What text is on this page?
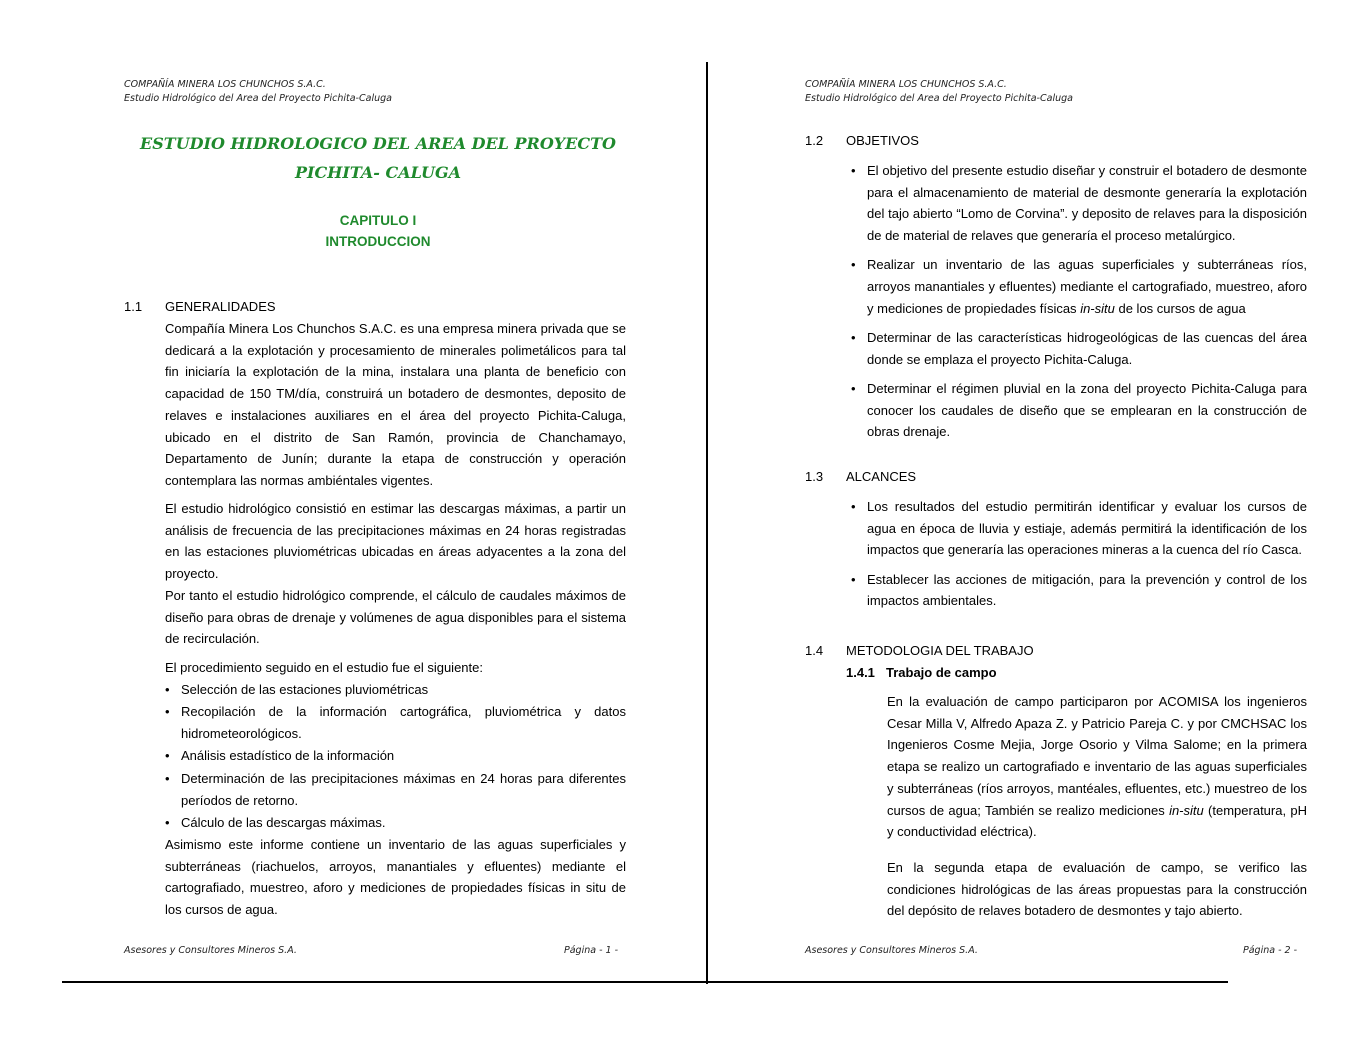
COMPAÑÍA MINERA LOS CHUNCHOS S.A.C.
Estudio Hidrológico del Area del Proyecto Pichita-Caluga
ESTUDIO HIDROLOGICO DEL AREA DEL PROYECTO
PICHITA- CALUGA
CAPITULO I
INTRODUCCION
1.1 GENERALIDADES

Compañía Minera Los Chunchos S.A.C. es una empresa minera privada que se dedicará a la explotación y procesamiento de minerales polimetálicos para tal fin iniciaría la explotación de la mina, instalara una planta de beneficio con capacidad de 150 TM/día, construirá un botadero de desmontes, deposito de relaves e instalaciones auxiliares en el área del proyecto Pichita-Caluga, ubicado en el distrito de San Ramón, provincia de Chanchamayo, Departamento de Junín; durante la etapa de construcción y operación contemplara las normas ambiéntales vigentes.

El estudio hidrológico consistió en estimar las descargas máximas, a partir un análisis de frecuencia de las precipitaciones máximas en 24 horas registradas en las estaciones pluviométricas ubicadas en áreas adyacentes a la zona del proyecto.

Por tanto el estudio hidrológico comprende, el cálculo de caudales máximos de diseño para obras de drenaje y volúmenes de agua disponibles para el sistema de recirculación.

El procedimiento seguido en el estudio fue el siguiente:

• Selección de las estaciones pluviométricas
• Recopilación de la información cartográfica, pluviométrica y datos hidrometeorológicos.
• Análisis estadístico de la información
• Determinación de las precipitaciones máximas en 24 horas para diferentes períodos de retorno.
• Cálculo de las descargas máximas.

Asimismo este informe contiene un inventario de las aguas superficiales y subterráneas (riachuelos, arroyos, manantiales y efluentes) mediante el cartografiado, muestreo, aforo y mediciones de propiedades físicas in situ de los cursos de agua.

Asesores y Consultores Mineros S.A.	Página - 1 -
COMPAÑÍA MINERA LOS CHUNCHOS S.A.C.
Estudio Hidrológico del Area del Proyecto Pichita-Caluga
1.2 OBJETIVOS
• El objetivo del presente estudio diseñar y construir el botadero de desmonte para el almacenamiento de material de desmonte generaría la explotación del tajo abierto “Lomo de Corvina”. y deposito de relaves para la disposición de de material de relaves que generaría el proceso metalúrgico.
• Realizar un inventario de las aguas superficiales y subterráneas ríos, arroyos manantiales y efluentes) mediante el cartografiado, muestreo, aforo y mediciones de propiedades físicas in-situ de los cursos de agua
• Determinar de las características hidrogeológicas de las cuencas del área donde se emplaza el proyecto Pichita-Caluga.
• Determinar el régimen pluvial en la zona del proyecto Pichita-Caluga para conocer los caudales de diseño que se emplearan en la construcción de obras drenaje.
1.3 ALCANCES
• Los resultados del estudio permitirán identificar y evaluar los cursos de agua en época de lluvia y estiaje, además permitirá la identificación de los impactos que generaría las operaciones mineras a la cuenca del río Casca.
• Establecer las acciones de mitigación, para la prevención y control de los impactos ambientales.
1.4 METODOLOGIA DEL TRABAJO
1.4.1 Trabajo de campo

En la evaluación de campo participaron por ACOMISA los ingenieros Cesar Milla V, Alfredo Apaza Z. y Patricio Pareja C. y por CMCHSAC los Ingenieros Cosme Mejia, Jorge Osorio y Vilma Salome; en la primera etapa se realizo un cartografiado e inventario de las aguas superficiales y subterráneas (ríos arroyos, mantéales, efluentes, etc.) muestreo de los cursos de agua; También se realizo mediciones in-situ (temperatura, pH y conductividad eléctrica).

En la segunda etapa de evaluación de campo, se verifico las condiciones hidrológicas de las áreas propuestas para la construcción del depósito de relaves botadero de desmontes y tajo abierto.

Asesores y Consultores Mineros S.A.	Página - 2 -
